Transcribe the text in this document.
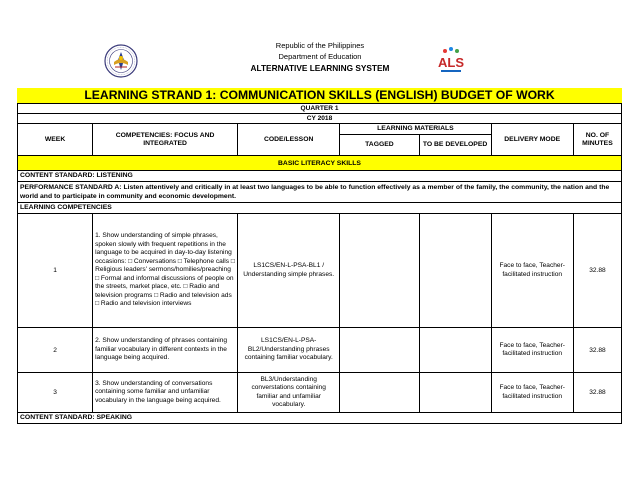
Republic of the Philippines
Department of Education
ALTERNATIVE LEARNING SYSTEM	ALS
LEARNING STRAND 1: COMMUNICATION SKILLS (ENGLISH) BUDGET OF WORK
QUARTER 1						
CY 2018						
WEEK	COMPETENCIES: FOCUS AND INTEGRATED	CODE/LESSON	LEARNING MATERIALS		DELIVERY MODE	NO. OF MINUTES
			TAGGED	TO BE DEVELOPED		
BASIC LITERACY SKILLS						
CONTENT STANDARD: LISTENING						
PERFORMANCE STANDARD A: Listen attentively and critically in at least two languages to be able to function effectively as a member of the family, the community, the nation and the world and to participate in community and economic development.						
LEARNING COMPETENCIES						
1	1. Show understanding of simple phrases, spoken slowly with frequent repetitions in the language to be acquired in day-to-day listening occasions: □ Conversations □ Telephone calls □ Religious leaders' sermons/homilies/preaching □ Formal and informal discussions of people on the streets, market place, etc. □ Radio and television programs □ Radio and television ads □ Radio and television interviews	LS1CS/EN-L-PSA-BL1 / Understanding simple phrases.			Face to face, Teacher-facilitated instruction	32.88
2	2. Show understanding of phrases containing familiar vocabulary in different contexts in the language being acquired.	LS1CS/EN-L-PSA-BL2/Understanding phrases containing familiar vocabulary.			Face to face, Teacher-facilitated instruction	32.88
3	3. Show understanding of conversations containing some familiar and unfamiliar vocabulary in the language being acquired.	BL3/Understanding converstations containing familiar and unfamiliar vocabulary.			Face to face, Teacher-facilitated instruction	32.88
CONTENT STANDARD: SPEAKING						
